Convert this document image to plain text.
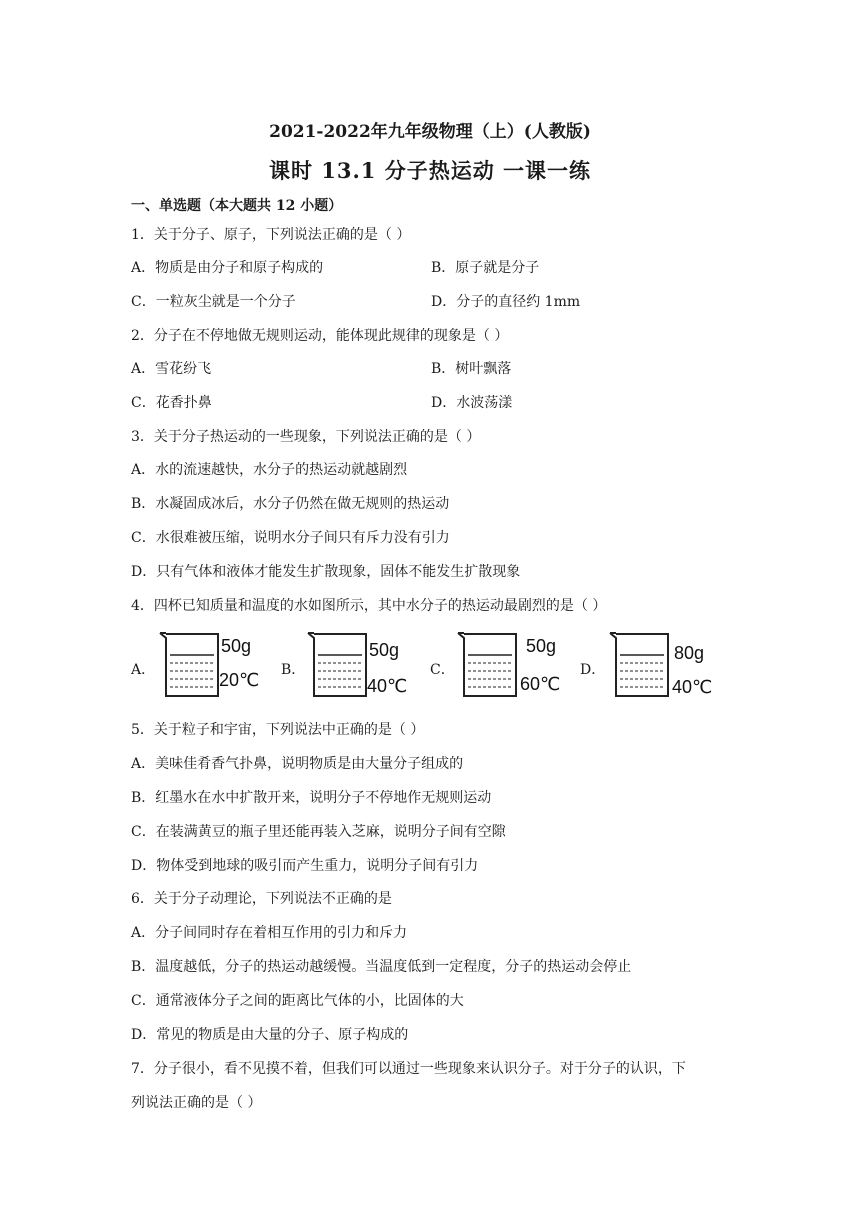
2021-2022年九年级物理（上）(人教版)
课时 13.1 分子热运动 一课一练
一、单选题（本大题共 12 小题）
1．关于分子、原子，下列说法正确的是（ ）
A．物质是由分子和原子构成的	B．原子就是分子
C．一粒灰尘就是一个分子	D．分子的直径约 1mm
2．分子在不停地做无规则运动，能体现此规律的现象是（ ）
A．雪花纷飞	B．树叶飘落
C．花香扑鼻	D．水波荡漾
3．关于分子热运动的一些现象，下列说法正确的是（ ）
A．水的流速越快，水分子的热运动就越剧烈
B．水凝固成冰后，水分子仍然在做无规则的热运动
C．水很难被压缩，说明水分子间只有斥力没有引力
D．只有气体和液体才能发生扩散现象，固体不能发生扩散现象
4．四杯已知质量和温度的水如图所示，其中水分子的热运动最剧烈的是（ ）
A．
50g
20℃ B．
50g
40℃
C．
50g
60℃
D．
80g
40℃
5．关于粒子和宇宙，下列说法中正确的是（ ）
A．美味佳肴香气扑鼻，说明物质是由大量分子组成的
B．红墨水在水中扩散开来，说明分子不停地作无规则运动
C．在装满黄豆的瓶子里还能再装入芝麻，说明分子间有空隙
D．物体受到地球的吸引而产生重力，说明分子间有引力
6．关于分子动理论，下列说法不正确的是
A．分子间同时存在着相互作用的引力和斥力
B．温度越低，分子的热运动越缓慢。当温度低到一定程度，分子的热运动会停止
C．通常液体分子之间的距离比气体的小，比固体的大
D．常见的物质是由大量的分子、原子构成的
7．分子很小，看不见摸不着，但我们可以通过一些现象来认识分子。对于分子的认识，下
列说法正确的是（ ）
